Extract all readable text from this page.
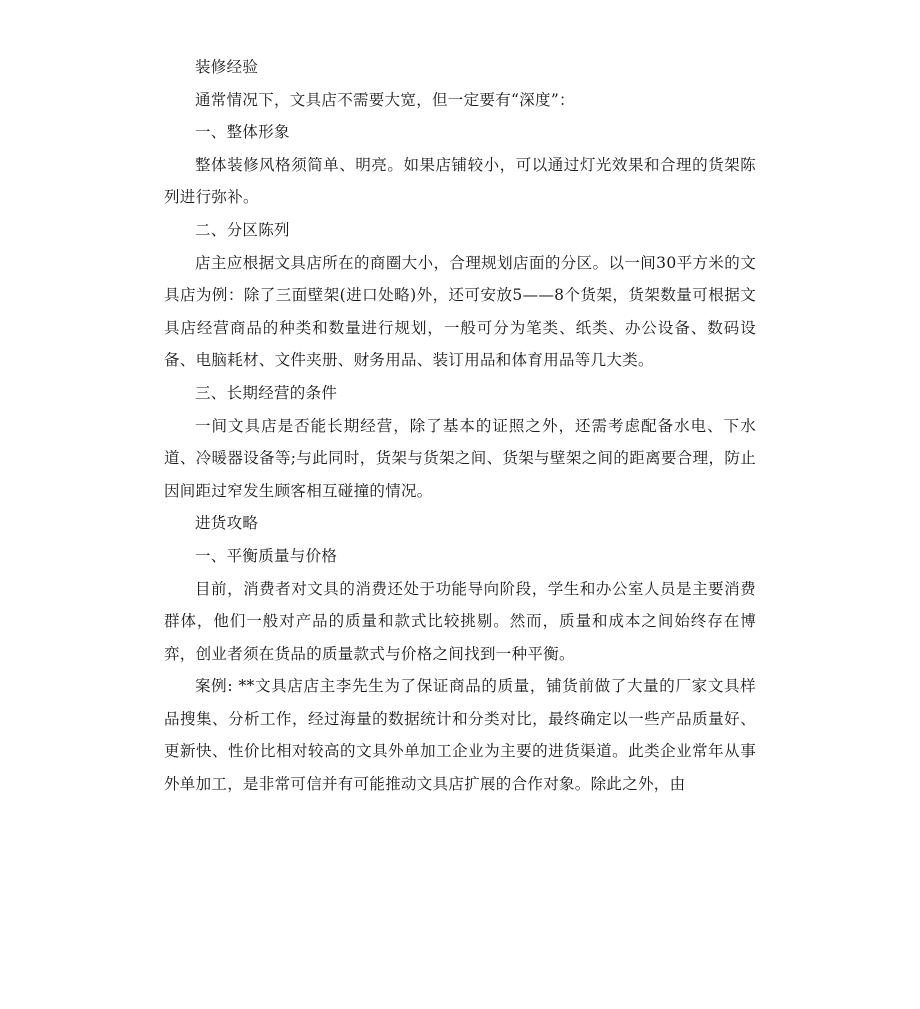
装修经验

通常情况下，文具店不需要大宽，但一定要有“深度”：

一、整体形象

整体装修风格须简单、明亮。如果店铺较小，可以通过灯光效果和合理的货架陈列进行弥补。

二、分区陈列

店主应根据文具店所在的商圈大小，合理规划店面的分区。以一间30平方米的文具店为例：除了三面壁架(进口处略)外，还可安放5——8个货架，货架数量可根据文具店经营商品的种类和数量进行规划，一般可分为笔类、纸类、办公设备、数码设备、电脑耗材、文件夹册、财务用品、装订用品和体育用品等几大类。

三、长期经营的条件

一间文具店是否能长期经营，除了基本的证照之外，还需考虑配备水电、下水道、冷暖器设备等;与此同时，货架与货架之间、货架与壁架之间的距离要合理，防止因间距过窄发生顾客相互碰撞的情况。

进货攻略

一、平衡质量与价格

目前，消费者对文具的消费还处于功能导向阶段，学生和办公室人员是主要消费群体，他们一般对产品的质量和款式比较挑剔。然而，质量和成本之间始终存在博弈，创业者须在货品的质量款式与价格之间找到一种平衡。

案例: **文具店店主李先生为了保证商品的质量，铺货前做了大量的厂家文具样品搜集、分析工作，经过海量的数据统计和分类对比，最终确定以一些产品质量好、更新快、性价比相对较高的文具外单加工企业为主要的进货渠道。此类企业常年从事外单加工，是非常可信并有可能推动文具店扩展的合作对象。除此之外，由
